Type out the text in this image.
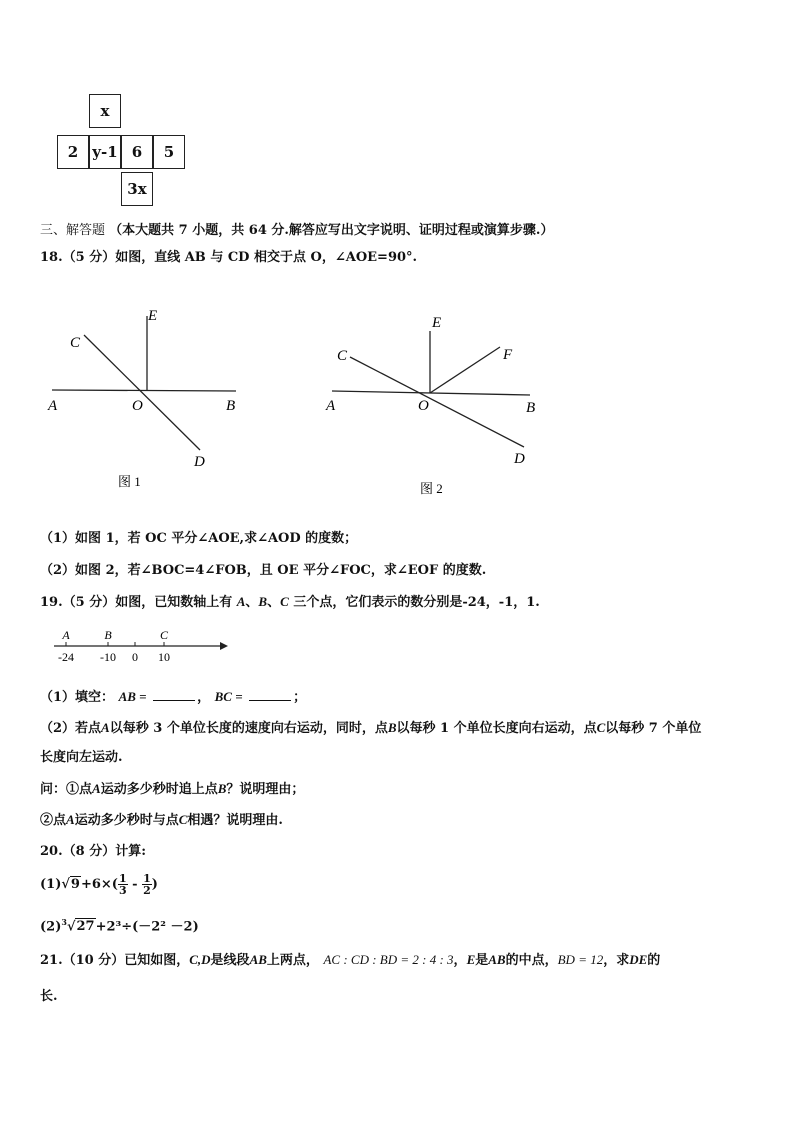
x
2 y-1 6	5
3x
三、解答题 （本大题共 7 小题，共 64 分.解答应写出文字说明、证明过程或演算步骤.）
18.（5 分）如图，直线 AB 与 CD 相交于点 O，∠AOE=90°.
A	B
C
D
E
O
图 1
A	B
C
D
E
F
O
图 2
（1）如图 1，若 OC 平分∠AOE,求∠AOD 的度数；
（2）如图 2，若∠BOC=4∠FOB，且 OE 平分∠FOC，求∠EOF 的度数.
19.（5 分）如图，已知数轴上有 A、B、C 三个点，它们表示的数分别是-24，-1，1.
A
-24
B
-10 0
C
10
（1）填空： AB =	， BC =	；
（2）若点A以每秒 3 个单位长度的速度向右运动，同时，点B以每秒 1 个单位长度向右运动，点C以每秒 7 个单位
长度向左运动.
问：①点A运动多少秒时追上点B？说明理由；
②点A运动多少秒时与点C相遇？说明理由.
20.（8 分）计算:
$(1)√9+6\times( \frac{1}{3} - \frac{1}{2}$ )
$(2)^3√27+2^3\div(-2^2 -2)$
21.（10 分）已知如图，C,D是线段AB上两点， AC : CD : BD = 2 : 4 : 3，E是AB的中点，BD = 12，求DE的
长.
